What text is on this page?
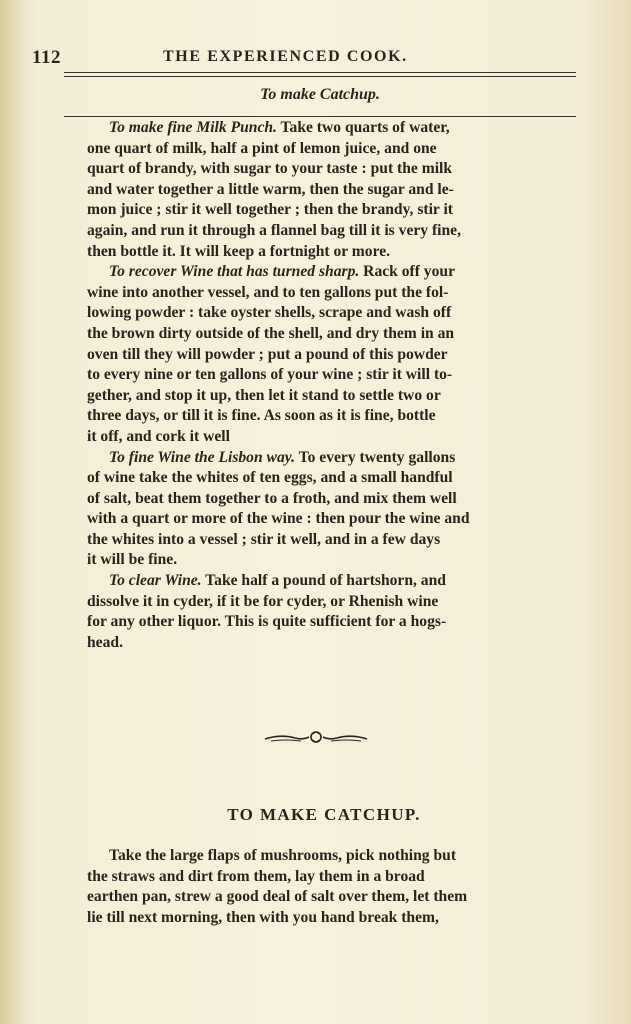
112	THE EXPERIENCED COOK.
To make Catchup.

To make fine Milk Punch. Take two quarts of water,
one quart of milk, half a pint of lemon juice, and one
quart of brandy, with sugar to your taste : put the milk
and water together a little warm, then the sugar and le-
mon juice ; stir it well together ; then the brandy, stir it
again, and run it through a flannel bag till it is very fine,
then bottle it. It will keep a fortnight or more.

To recover Wine that has turned sharp. Rack off your
wine into another vessel, and to ten gallons put the fol-
lowing powder : take oyster shells, scrape and wash off
the brown dirty outside of the shell, and dry them in an
oven till they will powder ; put a pound of this powder
to every nine or ten gallons of your wine ; stir it will to-
gether, and stop it up, then let it stand to settle two or
three days, or till it is fine. As soon as it is fine, bottle
it off, and cork it well

To fine Wine the Lisbon way. To every twenty gallons
of wine take the whites of ten eggs, and a small handful
of salt, beat them together to a froth, and mix them well
with a quart or more of the wine : then pour the wine and
the whites into a vessel ; stir it well, and in a few days
it will be fine.

To clear Wine. Take half a pound of hartshorn, and
dissolve it in cyder, if it be for cyder, or Rhenish wine
for any other liquor. This is quite sufficient for a hogs-
head.

TO MAKE CATCHUP.

Take the large flaps of mushrooms, pick nothing but
the straws and dirt from them, lay them in a broad
earthen pan, strew a good deal of salt over them, let them
lie till next morning, then with you hand break them,
